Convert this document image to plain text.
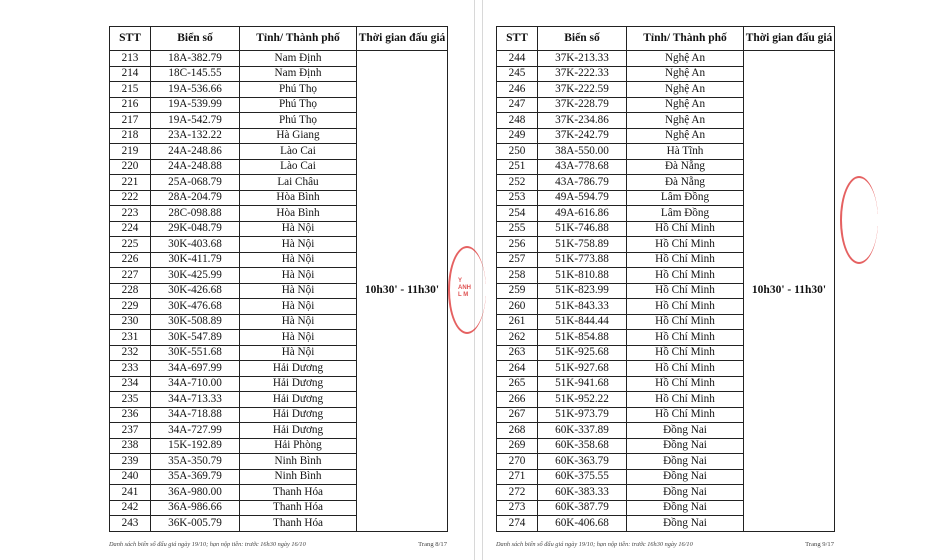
STT	Biển số	Tỉnh/ Thành phố	Thời gian đấu giá
213	18A-382.79	Nam Định	10h30' - 11h30'
214	18C-145.55	Nam Định	
215	19A-536.66	Phú Thọ	
216	19A-539.99	Phú Thọ	
217	19A-542.79	Phú Thọ	
218	23A-132.22	Hà Giang	
219	24A-248.86	Lào Cai	
220	24A-248.88	Lào Cai	
221	25A-068.79	Lai Châu	
222	28A-204.79	Hòa Bình	
223	28C-098.88	Hòa Bình	
224	29K-048.79	Hà Nội	
225	30K-403.68	Hà Nội	
226	30K-411.79	Hà Nội	
227	30K-425.99	Hà Nội	
228	30K-426.68	Hà Nội	
229	30K-476.68	Hà Nội	
230	30K-508.89	Hà Nội	
231	30K-547.89	Hà Nội	
232	30K-551.68	Hà Nội	
233	34A-697.99	Hải Dương	
234	34A-710.00	Hải Dương	
235	34A-713.33	Hải Dương	
236	34A-718.88	Hải Dương	
237	34A-727.99	Hải Dương	
238	15K-192.89	Hải Phòng	
239	35A-350.79	Ninh Bình	
240	35A-369.79	Ninh Bình	
241	36A-980.00	Thanh Hóa	
242	36A-986.66	Thanh Hóa	
243	36K-005.79	Thanh Hóa	
Danh sách biển số đấu giá ngày 19/10; hạn nộp tiền: trước 16h30 ngày 16/10	Trang 8/17
STT	Biển số	Tỉnh/ Thành phố	Thời gian đấu giá
244	37K-213.33	Nghệ An	10h30' - 11h30'
245	37K-222.33	Nghệ An	
246	37K-222.59	Nghệ An	
247	37K-228.79	Nghệ An	
248	37K-234.86	Nghệ An	
249	37K-242.79	Nghệ An	
250	38A-550.00	Hà Tĩnh	
251	43A-778.68	Đà Nẵng	
252	43A-786.79	Đà Nẵng	
253	49A-594.79	Lâm Đồng	
254	49A-616.86	Lâm Đồng	
255	51K-746.88	Hồ Chí Minh	
256	51K-758.89	Hồ Chí Minh	
257	51K-773.88	Hồ Chí Minh	
258	51K-810.88	Hồ Chí Minh	
259	51K-823.99	Hồ Chí Minh	
260	51K-843.33	Hồ Chí Minh	
261	51K-844.44	Hồ Chí Minh	
262	51K-854.88	Hồ Chí Minh	
263	51K-925.68	Hồ Chí Minh	
264	51K-927.68	Hồ Chí Minh	
265	51K-941.68	Hồ Chí Minh	
266	51K-952.22	Hồ Chí Minh	
267	51K-973.79	Hồ Chí Minh	
268	60K-337.89	Đồng Nai	
269	60K-358.68	Đồng Nai	
270	60K-363.79	Đồng Nai	
271	60K-375.55	Đồng Nai	
272	60K-383.33	Đồng Nai	
273	60K-387.79	Đồng Nai	
274	60K-406.68	Đồng Nai	
Danh sách biển số đấu giá ngày 19/10; hạn nộp tiền: trước 16h30 ngày 16/10	Trang 9/17
Y
ANH
L M
